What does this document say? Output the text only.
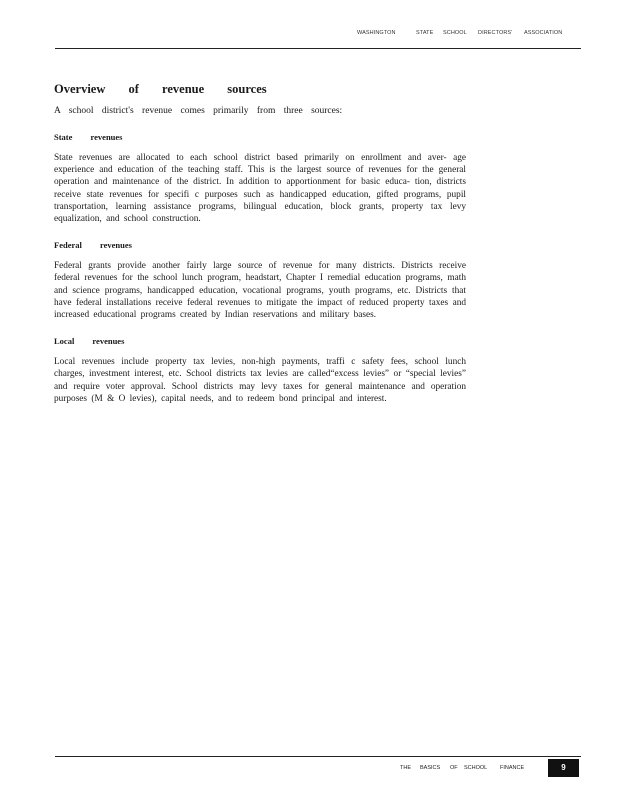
WASHINGTON	STATE SCHOOL DIRECTORS' ASSOCIATION
Overview of revenue sources

A school district's revenue comes primarily from three sources:

State revenues

State revenues are allocated to each school district based primarily on enrollment and aver- age experience and education of the teaching staff. This is the largest source of revenues for the general operation and maintenance of the district. In addition to apportionment for basic educa- tion, districts receive state revenues for specifi c purposes such as handicapped education, gifted programs, pupil transportation, learning assistance programs, bilingual education, block grants, property tax levy equalization, and school construction.

Federal revenues

Federal grants provide another fairly large source of revenue for many districts. Districts receive federal revenues for the school lunch program, headstart, Chapter I remedial education programs, math and science programs, handicapped education, vocational programs, youth programs, etc. Districts that have federal installations receive federal revenues to mitigate the impact of reduced property taxes and increased educational programs created by Indian reservations and military bases.

Local revenues

Local revenues include property tax levies, non-high payments, traffi c safety fees, school lunch charges, investment interest, etc. School districts tax levies are called“excess levies” or “special levies” and require voter approval. School districts may levy taxes for general maintenance and operation purposes (M & O levies), capital needs, and to redeem bond principal and interest.

THE BASICS OF SCHOOL FINANCE	9
